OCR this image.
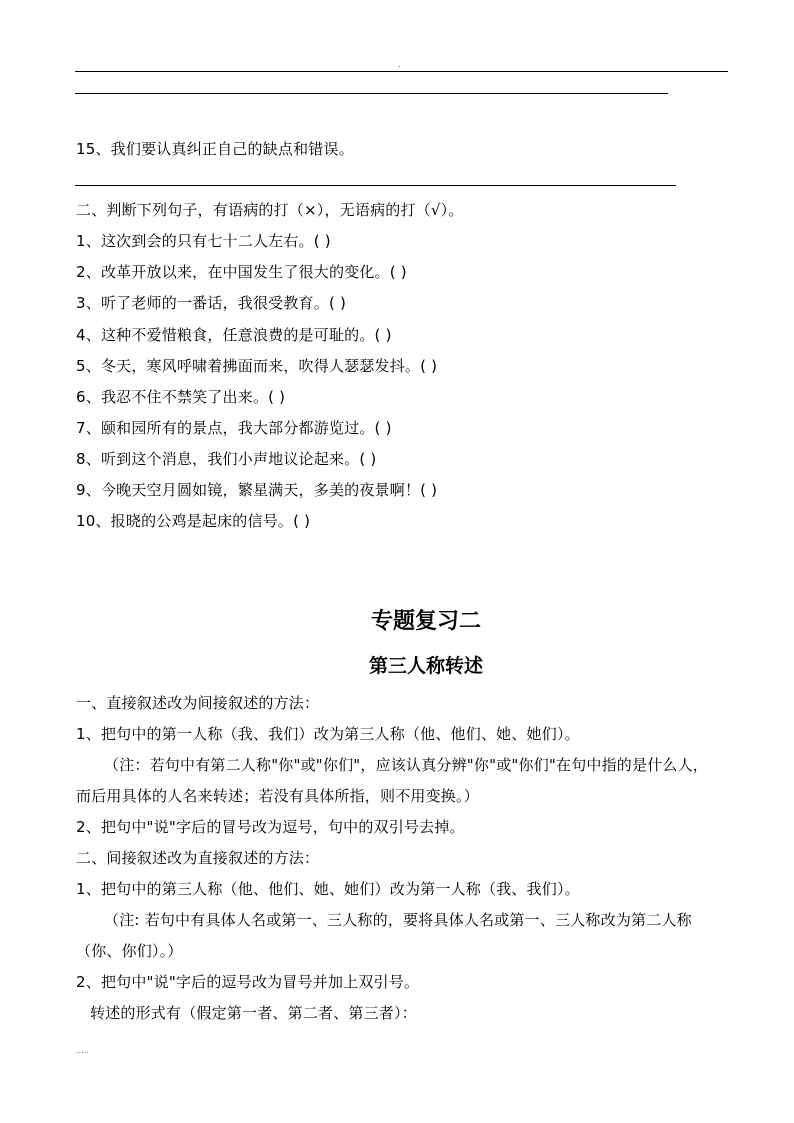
.
15、我们要认真纠正自己的缺点和错误。
二、判断下列句子，有语病的打（×），无语病的打（√）。
1、这次到会的只有七十二人左右。( )
2、改革开放以来，在中国发生了很大的变化。( )
3、听了老师的一番话，我很受教育。( )
4、这种不爱惜粮食，任意浪费的是可耻的。( )
5、冬天，寒风呼啸着拂面而来，吹得人瑟瑟发抖。( )
6、我忍不住不禁笑了出来。( )
7、颐和园所有的景点，我大部分都游览过。( )
8、听到这个消息，我们小声地议论起来。( )
9、今晚天空月圆如镜，繁星满天，多美的夜景啊！( )
10、报晓的公鸡是起床的信号。( )
专题复习二
第三人称转述
一、直接叙述改为间接叙述的方法：
1、把句中的第一人称（我、我们）改为第三人称（他、他们、她、她们）。
（注：若句中有第二人称"你"或"你们"，应该认真分辨"你"或"你们"在句中指的是什么人，
而后用具体的人名来转述；若没有具体所指，则不用变换。）
2、把句中"说"字后的冒号改为逗号，句中的双引号去掉。
二、间接叙述改为直接叙述的方法：
1、把句中的第三人称（他、他们、她、她们）改为第一人称（我、我们）。
（注: 若句中有具体人名或第一、三人称的，要将具体人名或第一、三人称改为第二人称
（你、你们）。）
2、把句中"说"字后的逗号改为冒号并加上双引号。
转述的形式有（假定第一者、第二者、第三者）：
.....
